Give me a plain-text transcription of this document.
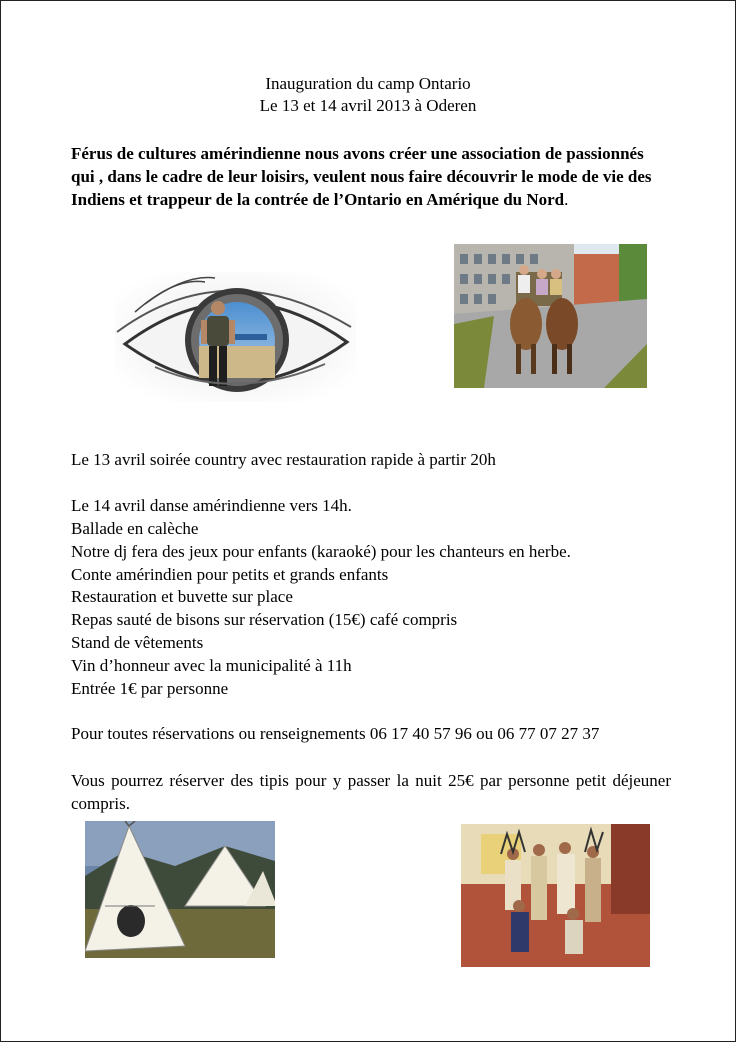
Inauguration du camp Ontario
Le 13 et 14 avril 2013 à Oderen
Férus de cultures amérindienne nous avons créer une association de passionnés qui , dans le cadre de leur loisirs, veulent nous faire découvrir le mode de vie des Indiens et trappeur de la contrée de l’Ontario en Amérique du Nord.
Le 13 avril soirée country avec restauration rapide à partir 20h
Le 14 avril danse amérindienne vers 14h.
Ballade en calèche
Notre dj fera des jeux pour enfants (karaoké) pour les chanteurs en herbe.
Conte amérindien pour petits et grands enfants
Restauration et buvette sur place
Repas sauté de bisons sur réservation (15€) café compris
Stand de vêtements
Vin d’honneur avec la municipalité à 11h
Entrée 1€ par personne
Pour toutes réservations ou renseignements 06 17 40 57 96 ou 06 77 07 27 37
Vous pourrez réserver des tipis pour y passer la nuit 25€ par personne petit déjeuner compris.
